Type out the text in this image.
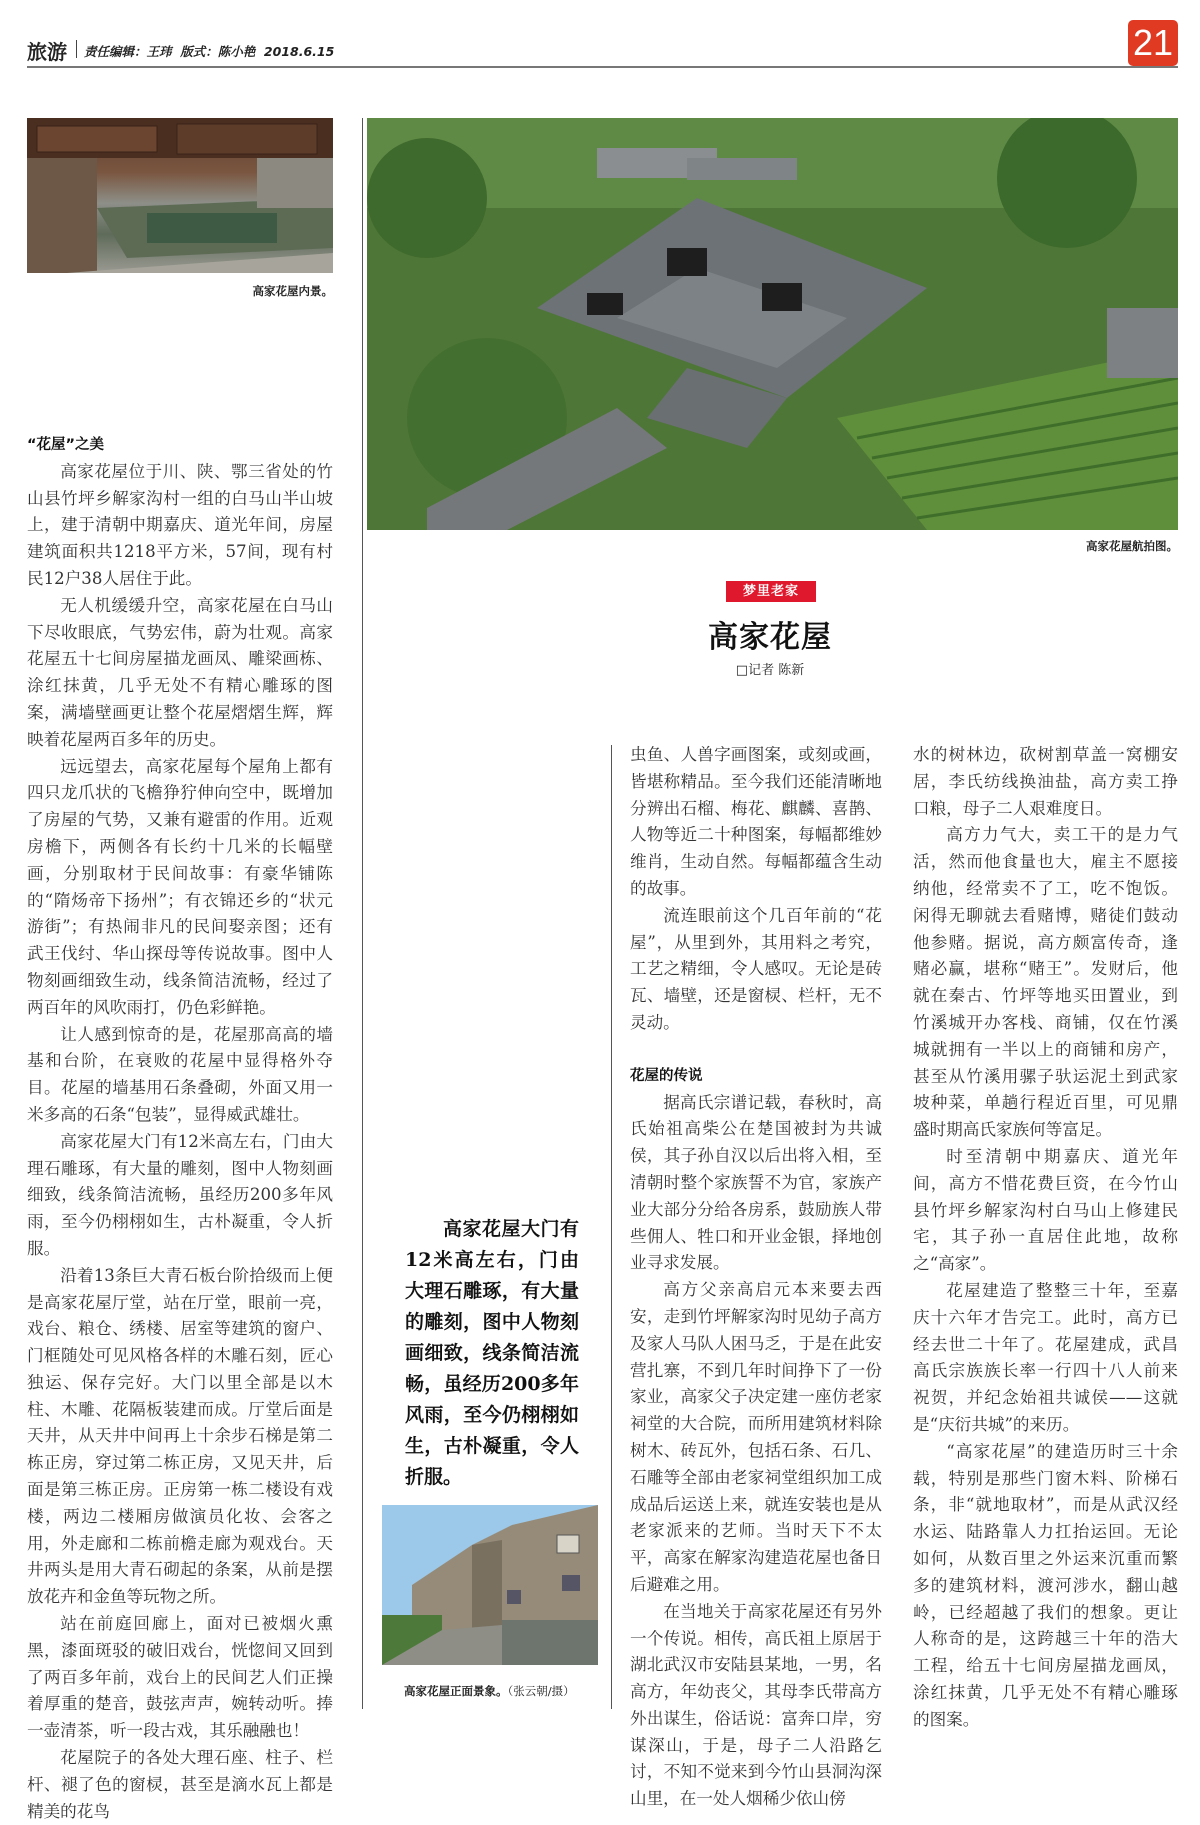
旅游 责任编辑：王玮  版式：陈小艳  2018.6.15	21
高家花屋内景。
高家花屋航拍图。
梦里老家
高家花屋
□记者 陈新
“花屋”之美

高家花屋位于川、陕、鄂三省处的竹山县竹坪乡解家沟村一组的白马山半山坡上，建于清朝中期嘉庆、道光年间，房屋建筑面积共1218平方米，57间，现有村民12户38人居住于此。

无人机缓缓升空，高家花屋在白马山下尽收眼底，气势宏伟，蔚为壮观。高家花屋五十七间房屋描龙画凤、雕梁画栋、涂红抹黄，几乎无处不有精心雕琢的图案，满墙壁画更让整个花屋熠熠生辉，辉映着花屋两百多年的历史。

远远望去，高家花屋每个屋角上都有四只龙爪状的飞檐狰狞伸向空中，既增加了房屋的气势，又兼有避雷的作用。近观房檐下，两侧各有长约十几米的长幅壁画，分别取材于民间故事：有豪华铺陈的“隋炀帝下扬州”；有衣锦还乡的“状元游街”；有热闹非凡的民间娶亲图；还有武王伐纣、华山探母等传说故事。图中人物刻画细致生动，线条简洁流畅，经过了两百年的风吹雨打，仍色彩鲜艳。

让人感到惊奇的是，花屋那高高的墙基和台阶，在衰败的花屋中显得格外夺目。花屋的墙基用石条叠砌，外面又用一米多高的石条“包装”，显得威武雄壮。

高家花屋大门有12米高左右，门由大理石雕琢，有大量的雕刻，图中人物刻画细致，线条简洁流畅，虽经历200多年风雨，至今仍栩栩如生，古朴凝重，令人折服。

沿着13条巨大青石板台阶拾级而上便是高家花屋厅堂，站在厅堂，眼前一亮，戏台、粮仓、绣楼、居室等建筑的窗户、门框随处可见风格各样的木雕石刻，匠心独运、保存完好。大门以里全部是以木柱、木雕、花隔板装建而成。厅堂后面是天井，从天井中间再上十余步石梯是第二栋正房，穿过第二栋正房，又见天井，后面是第三栋正房。正房第一栋二楼设有戏楼，两边二楼厢房做演员化妆、会客之用，外走廊和二栋前檐走廊为观戏台。天井两头是用大青石砌起的条案，从前是摆放花卉和金鱼等玩物之所。

站在前庭回廊上，面对已被烟火熏黑，漆面斑驳的破旧戏台，恍惚间又回到了两百多年前，戏台上的民间艺人们正操着厚重的楚音，鼓弦声声，婉转动听。捧一壶清茶，听一段古戏，其乐融融也！

花屋院子的各处大理石座、柱子、栏杆、褪了色的窗棂，甚至是滴水瓦上都是精美的花鸟

高家花屋大门有12米高左右，门由大理石雕琢，有大量的雕刻，图中人物刻画细致，线条简洁流畅，虽经历200多年风雨，至今仍栩栩如生，古朴凝重，令人折服。
高家花屋正面景象。（张云朝/摄）

虫鱼、人兽字画图案，或刻或画，皆堪称精品。至今我们还能清晰地分辨出石榴、梅花、麒麟、喜鹊、人物等近二十种图案，每幅都维妙维肖，生动自然。每幅都蕴含生动的故事。

流连眼前这个几百年前的“花屋”，从里到外，其用料之考究，工艺之精细，令人感叹。无论是砖瓦、墙壁，还是窗棂、栏杆，无不灵动。

花屋的传说

据高氏宗谱记载，春秋时，高氏始祖高柴公在楚国被封为共诚侯，其子孙自汉以后出将入相，至清朝时整个家族誓不为官，家族产业大部分分给各房系，鼓励族人带些佣人、牲口和开业金银，择地创业寻求发展。

高方父亲高启元本来要去西安，走到竹坪解家沟时见幼子高方及家人马队人困马乏，于是在此安营扎寨，不到几年时间挣下了一份家业，高家父子决定建一座仿老家祠堂的大合院，而所用建筑材料除树木、砖瓦外，包括石条、石几、石雕等全部由老家祠堂组织加工成成品后运送上来，就连安装也是从老家派来的艺师。当时天下不太平，高家在解家沟建造花屋也备日后避难之用。

在当地关于高家花屋还有另外一个传说。相传，高氏祖上原居于湖北武汉市安陆县某地，一男，名高方，年幼丧父，其母李氏带高方外出谋生，俗话说：富奔口岸，穷谋深山，于是，母子二人沿路乞讨，不知不觉来到今竹山县洞沟深山里，在一处人烟稀少依山傍

水的树林边，砍树割草盖一窝棚安居，李氏纺线换油盐，高方卖工挣口粮，母子二人艰难度日。

高方力气大，卖工干的是力气活，然而他食量也大，雇主不愿接纳他，经常卖不了工，吃不饱饭。闲得无聊就去看赌博，赌徒们鼓动他参赌。据说，高方颇富传奇，逢赌必赢，堪称“赌王”。发财后，他就在秦古、竹坪等地买田置业，到竹溪城开办客栈、商铺，仅在竹溪城就拥有一半以上的商铺和房产，甚至从竹溪用骡子驮运泥土到武家坡种菜，单趟行程近百里，可见鼎盛时期高氏家族何等富足。

时至清朝中期嘉庆、道光年间，高方不惜花费巨资，在今竹山县竹坪乡解家沟村白马山上修建民宅，其子孙一直居住此地，故称之“高家”。

花屋建造了整整三十年，至嘉庆十六年才告完工。此时，高方已经去世二十年了。花屋建成，武昌高氏宗族族长率一行四十八人前来祝贺，并纪念始祖共诚侯——这就是“庆衍共城”的来历。

“高家花屋”的建造历时三十余载，特别是那些门窗木料、阶梯石条，非“就地取材”，而是从武汉经水运、陆路靠人力扛抬运回。无论如何，从数百里之外运来沉重而繁多的建筑材料，渡河涉水，翻山越岭，已经超越了我们的想象。更让人称奇的是，这跨越三十年的浩大工程，给五十七间房屋描龙画凤，涂红抹黄，几乎无处不有精心雕琢的图案。
